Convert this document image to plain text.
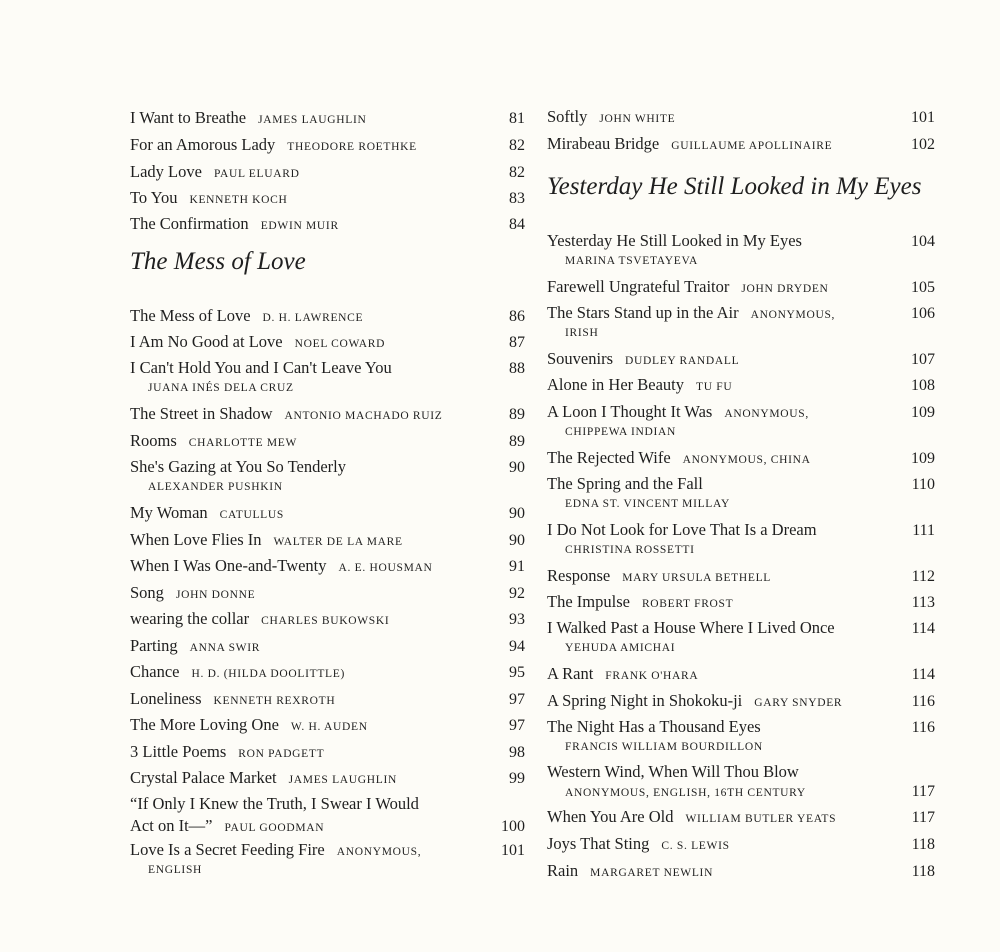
I Want to Breathe JAMES LAUGHLIN	81
For an Amorous Lady THEODORE ROETHKE	82
Lady Love PAUL ELUARD	82
To You KENNETH KOCH	83
The Confirmation EDWIN MUIR	84
The Mess of Love
The Mess of Love D. H. LAWRENCE	86
I Am No Good at Love NOEL COWARD	87
I Can't Hold You and I Can't Leave You	88
JUANA INÉS DELA CRUZ
The Street in Shadow ANTONIO MACHADO RUIZ	89
Rooms CHARLOTTE MEW	89
She's Gazing at You So Tenderly	90
ALEXANDER PUSHKIN
My Woman CATULLUS	90
When Love Flies In WALTER DE LA MARE	90
When I Was One-and-Twenty A. E. HOUSMAN	91
Song JOHN DONNE	92
wearing the collar CHARLES BUKOWSKI	93
Parting ANNA SWIR	94
Chance H. D. (HILDA DOOLITTLE)	95
Loneliness KENNETH REXROTH	97
The More Loving One W. H. AUDEN	97
3 Little Poems RON PADGETT	98
Crystal Palace Market JAMES LAUGHLIN	99
“If Only I Knew the Truth, I Swear I Would
Act on It—” PAUL GOODMAN	100
Love Is a Secret Feeding Fire ANONYMOUS,	101
ENGLISH
Softly JOHN WHITE	101
Mirabeau Bridge GUILLAUME APOLLINAIRE	102
Yesterday He Still Looked in My Eyes
Yesterday He Still Looked in My Eyes	104
MARINA TSVETAYEVA
Farewell Ungrateful Traitor JOHN DRYDEN	105
The Stars Stand up in the Air ANONYMOUS,	106
IRISH
Souvenirs DUDLEY RANDALL	107
Alone in Her Beauty TU FU	108
A Loon I Thought It Was ANONYMOUS,	109
CHIPPEWA INDIAN
The Rejected Wife ANONYMOUS, CHINA	109
The Spring and the Fall	110
EDNA ST. VINCENT MILLAY
I Do Not Look for Love That Is a Dream	111
CHRISTINA ROSSETTI
Response MARY URSULA BETHELL	112
The Impulse ROBERT FROST	113
I Walked Past a House Where I Lived Once	114
YEHUDA AMICHAI
A Rant FRANK O'HARA	114
A Spring Night in Shokoku-ji GARY SNYDER	116
The Night Has a Thousand Eyes	116
FRANCIS WILLIAM BOURDILLON
Western Wind, When Will Thou Blow
ANONYMOUS, ENGLISH, 16TH CENTURY	117
When You Are Old WILLIAM BUTLER YEATS	117
Joys That Sting C. S. LEWIS	118
Rain MARGARET NEWLIN	118
